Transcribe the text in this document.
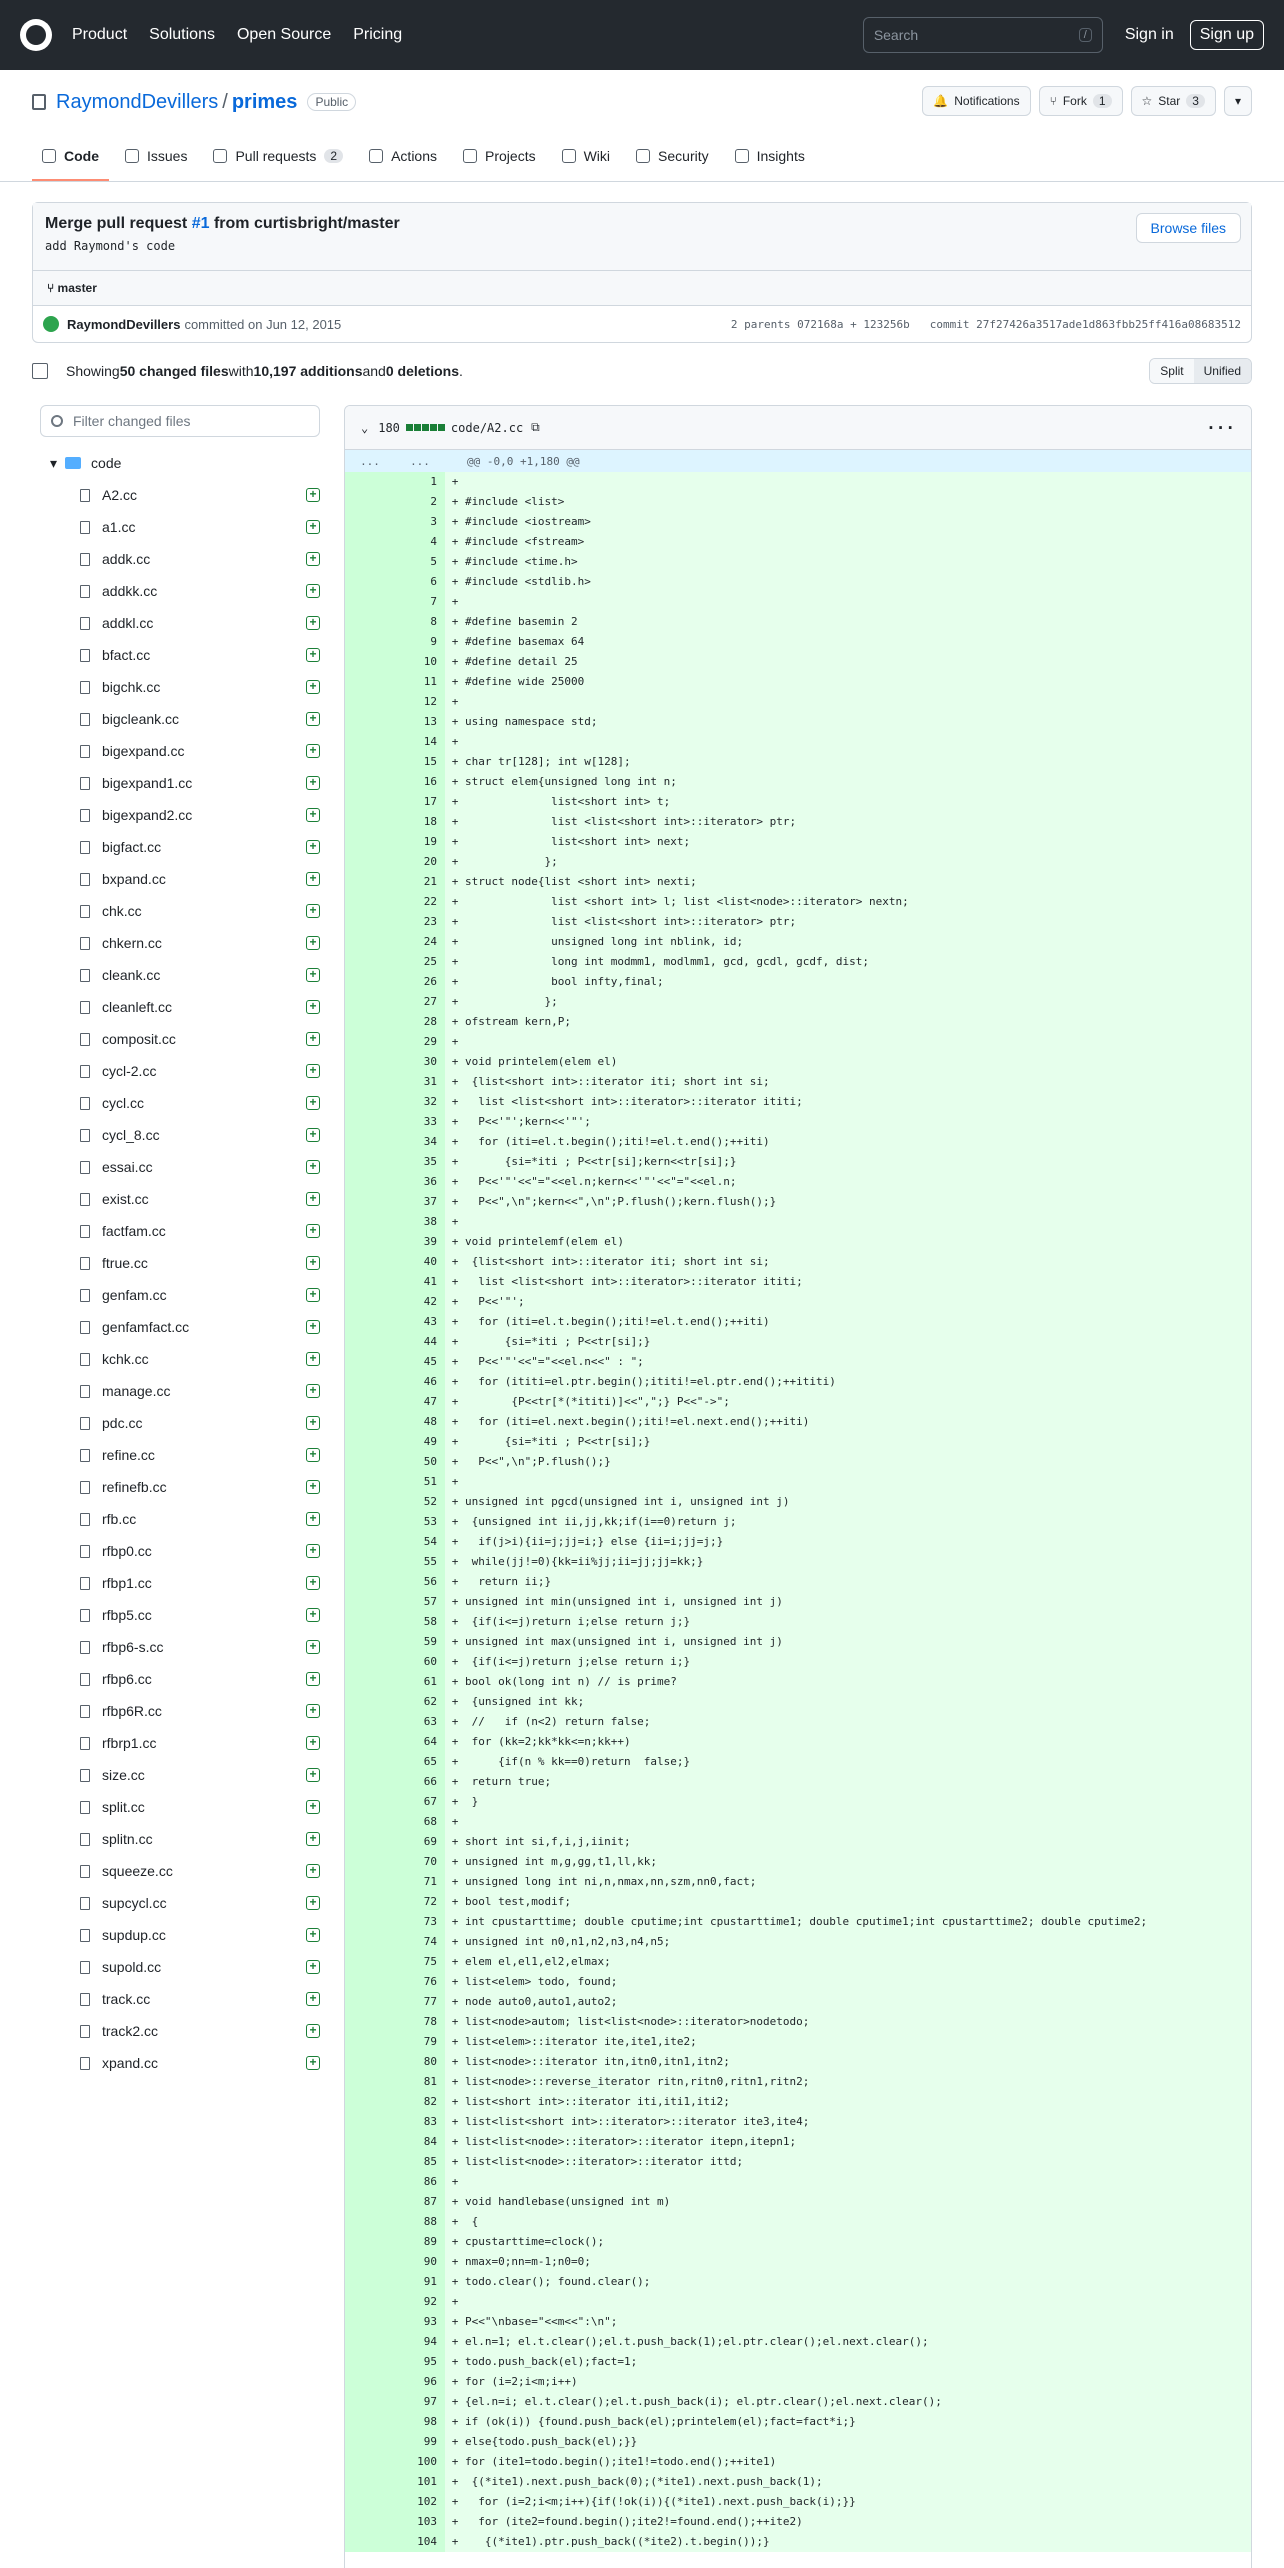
Product Solutions Open Source Pricing	Search	/	Sign in	Sign up
RaymondDevillers / primes	Public	🔔 Notifications	⑂ Fork	1	☆ Star	3	▾
Code	Issues	Pull requests	2	Actions	Projects	Wiki	Security	Insights
Merge pull request #1 from curtisbright/master
add Raymond's code
Browse files
⑂ master
RaymondDevillers committed on Jun 12, 2015	2 parents 072168a + 123256b commit 27f27426a3517ade1d863fbb25ff416a08683512
Showing 50 changed files with 10,197 additions and 0 deletions .	Split	Unified
Filter changed files
▾ code
A2.cc	+
a1.cc	+
addk.cc	+
addkk.cc	+
addkl.cc	+
bfact.cc	+
bigchk.cc	+
bigcleank.cc	+
bigexpand.cc	+
bigexpand1.cc	+
bigexpand2.cc	+
bigfact.cc	+
bxpand.cc	+
chk.cc	+
chkern.cc	+
cleank.cc	+
cleanleft.cc	+
composit.cc	+
cycl-2.cc	+
cycl.cc	+
cycl_8.cc	+
essai.cc	+
exist.cc	+
factfam.cc	+
ftrue.cc	+
genfam.cc	+
genfamfact.cc	+
kchk.cc	+
manage.cc	+
pdc.cc	+
refine.cc	+
refinefb.cc	+
rfb.cc	+
rfbp0.cc	+
rfbp1.cc	+
rfbp5.cc	+
rfbp6-s.cc	+
rfbp6.cc	+
rfbp6R.cc	+
rfbrp1.cc	+
size.cc	+
split.cc	+
splitn.cc	+
squeeze.cc	+
supcycl.cc	+
supdup.cc	+
supold.cc	+
track.cc	+
track2.cc	+
xpand.cc	+
⌄ 180	code/A2.cc ⧉	···
...	...	@@ -0,0 +1,180 @@
1	+
2	+ #include <list>
3	+ #include <iostream>
4	+ #include <fstream>
5	+ #include <time.h>
6	+ #include <stdlib.h>
7	+
8	+ #define basemin 2
9	+ #define basemax 64
10	+ #define detail 25
11	+ #define wide 25000
12	+
13	+ using namespace std;
14	+
15	+ char tr[128]; int w[128];
16	+ struct elem{unsigned long int n;
17	+ list<short int> t;
18	+ list <list<short int>::iterator> ptr;
19	+ list<short int> next;
20	+ };
21	+ struct node{list <short int> nexti;
22	+ list <short int> l; list <list<node>::iterator> nextn;
23	+ list <list<short int>::iterator> ptr;
24	+ unsigned long int nblink, id;
25	+ long int modmm1, modlmm1, gcd, gcdl, gcdf, dist;
26	+ bool infty,final;
27	+ };
28	+ ofstream kern,P;
29	+
30	+ void printelem(elem el)
31	+ {list<short int>::iterator iti; short int si;
32	+ list <list<short int>::iterator>::iterator ititi;
33	+ P<<'"';kern<<'"';
34	+ for (iti=el.t.begin();iti!=el.t.end();++iti)
35	+ {si=*iti ; P<<tr[si];kern<<tr[si];}
36	+ P<<'"'<<"="<<el.n;kern<<'"'<<"="<<el.n;
37	+ P<<",\n";kern<<",\n";P.flush();kern.flush();}
38	+
39	+ void printelemf(elem el)
40	+ {list<short int>::iterator iti; short int si;
41	+ list <list<short int>::iterator>::iterator ititi;
42	+ P<<'"';
43	+ for (iti=el.t.begin();iti!=el.t.end();++iti)
44	+ {si=*iti ; P<<tr[si];}
45	+ P<<'"'<<"="<<el.n<<" : ";
46	+ for (ititi=el.ptr.begin();ititi!=el.ptr.end();++ititi)
47	+ {P<<tr[*(*ititi)]<<",";} P<<"->";
48	+ for (iti=el.next.begin();iti!=el.next.end();++iti)
49	+ {si=*iti ; P<<tr[si];}
50	+ P<<",\n";P.flush();}
51	+
52	+ unsigned int pgcd(unsigned int i, unsigned int j)
53	+ {unsigned int ii,jj,kk;if(i==0)return j;
54	+ if(j>i){ii=j;jj=i;} else {ii=i;jj=j;}
55	+ while(jj!=0){kk=ii%jj;ii=jj;jj=kk;}
56	+ return ii;}
57	+ unsigned int min(unsigned int i, unsigned int j)
58	+ {if(i<=j)return i;else return j;}
59	+ unsigned int max(unsigned int i, unsigned int j)
60	+ {if(i<=j)return j;else return i;}
61	+ bool ok(long int n) // is prime?
62	+ {unsigned int kk;
63	+ //   if (n<2) return false;
64	+ for (kk=2;kk*kk<=n;kk++)
65	+ {if(n % kk==0)return  false;}
66	+ return true;
67	+ }
68	+
69	+ short int si,f,i,j,iinit;
70	+ unsigned int m,g,gg,t1,ll,kk;
71	+ unsigned long int ni,n,nmax,nn,szm,nn0,fact;
72	+ bool test,modif;
73	+ int cpustarttime; double cputime;int cpustarttime1; double cputime1;int cpustarttime2; double cputime2;
74	+ unsigned int n0,n1,n2,n3,n4,n5;
75	+ elem el,el1,el2,elmax;
76	+ list<elem> todo, found;
77	+ node auto0,auto1,auto2;
78	+ list<node>autom; list<list<node>::iterator>nodetodo;
79	+ list<elem>::iterator ite,ite1,ite2;
80	+ list<node>::iterator itn,itn0,itn1,itn2;
81	+ list<node>::reverse_iterator ritn,ritn0,ritn1,ritn2;
82	+ list<short int>::iterator iti,iti1,iti2;
83	+ list<list<short int>::iterator>::iterator ite3,ite4;
84	+ list<list<node>::iterator>::iterator itepn,itepn1;
85	+ list<list<node>::iterator>::iterator ittd;
86	+
87	+ void handlebase(unsigned int m)
88	+ {
89	+ cpustarttime=clock();
90	+ nmax=0;nn=m-1;n0=0;
91	+ todo.clear(); found.clear();
92	+
93	+ P<<"\nbase="<<m<<":\n";
94	+ el.n=1; el.t.clear();el.t.push_back(1);el.ptr.clear();el.next.clear();
95	+ todo.push_back(el);fact=1;
96	+ for (i=2;i<m;i++)
97	+ {el.n=i; el.t.clear();el.t.push_back(i); el.ptr.clear();el.next.clear();
98	+ if (ok(i)) {found.push_back(el);printelem(el);fact=fact*i;}
99	+ else{todo.push_back(el);}}
100	+ for (ite1=todo.begin();ite1!=todo.end();++ite1)
101	+ {(*ite1).next.push_back(0);(*ite1).next.push_back(1);
102	+ for (i=2;i<m;i++){if(!ok(i)){(*ite1).next.push_back(i);}}
103	+ for (ite2=found.begin();ite2!=found.end();++ite2)
104	+ {(*ite1).ptr.push_back((*ite2).t.begin());}
